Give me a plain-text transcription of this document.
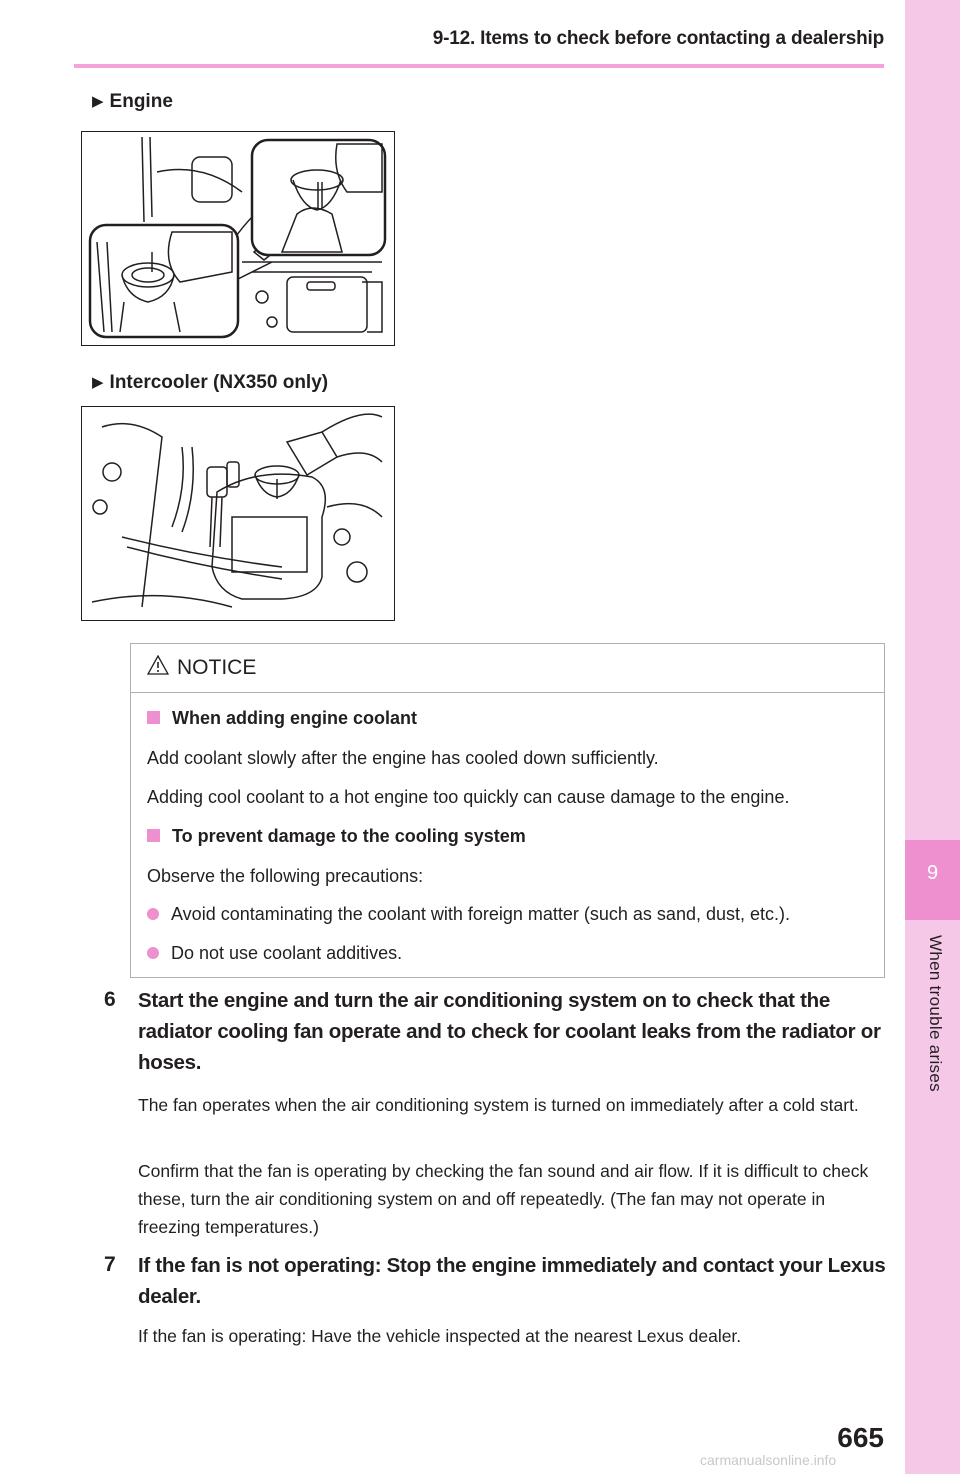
9
When trouble arises
9-12. Items to check before contacting a dealership
▶ Engine
▶ Intercooler (NX350 only)
NOTICE
When adding engine coolant
Add coolant slowly after the engine has cooled down sufficiently.
Adding cool coolant to a hot engine too quickly can cause damage to the engine.
To prevent damage to the cooling system
Observe the following precautions:
Avoid contaminating the coolant with foreign matter (such as sand, dust, etc.).
Do not use coolant additives.
6 Start the engine and turn the air conditioning system on to check that the radiator cooling fan operate and to check for coolant leaks from the radiator or hoses.
The fan operates when the air conditioning system is turned on immediately after a cold start.
Confirm that the fan is operating by checking the fan sound and air flow. If it is difficult to check these, turn the air conditioning system on and off repeatedly. (The fan may not operate in freezing temperatures.)
7 If the fan is not operating: Stop the engine immediately and contact your Lexus dealer.
If the fan is operating: Have the vehicle inspected at the nearest Lexus dealer.
665
carmanualsonline.info
